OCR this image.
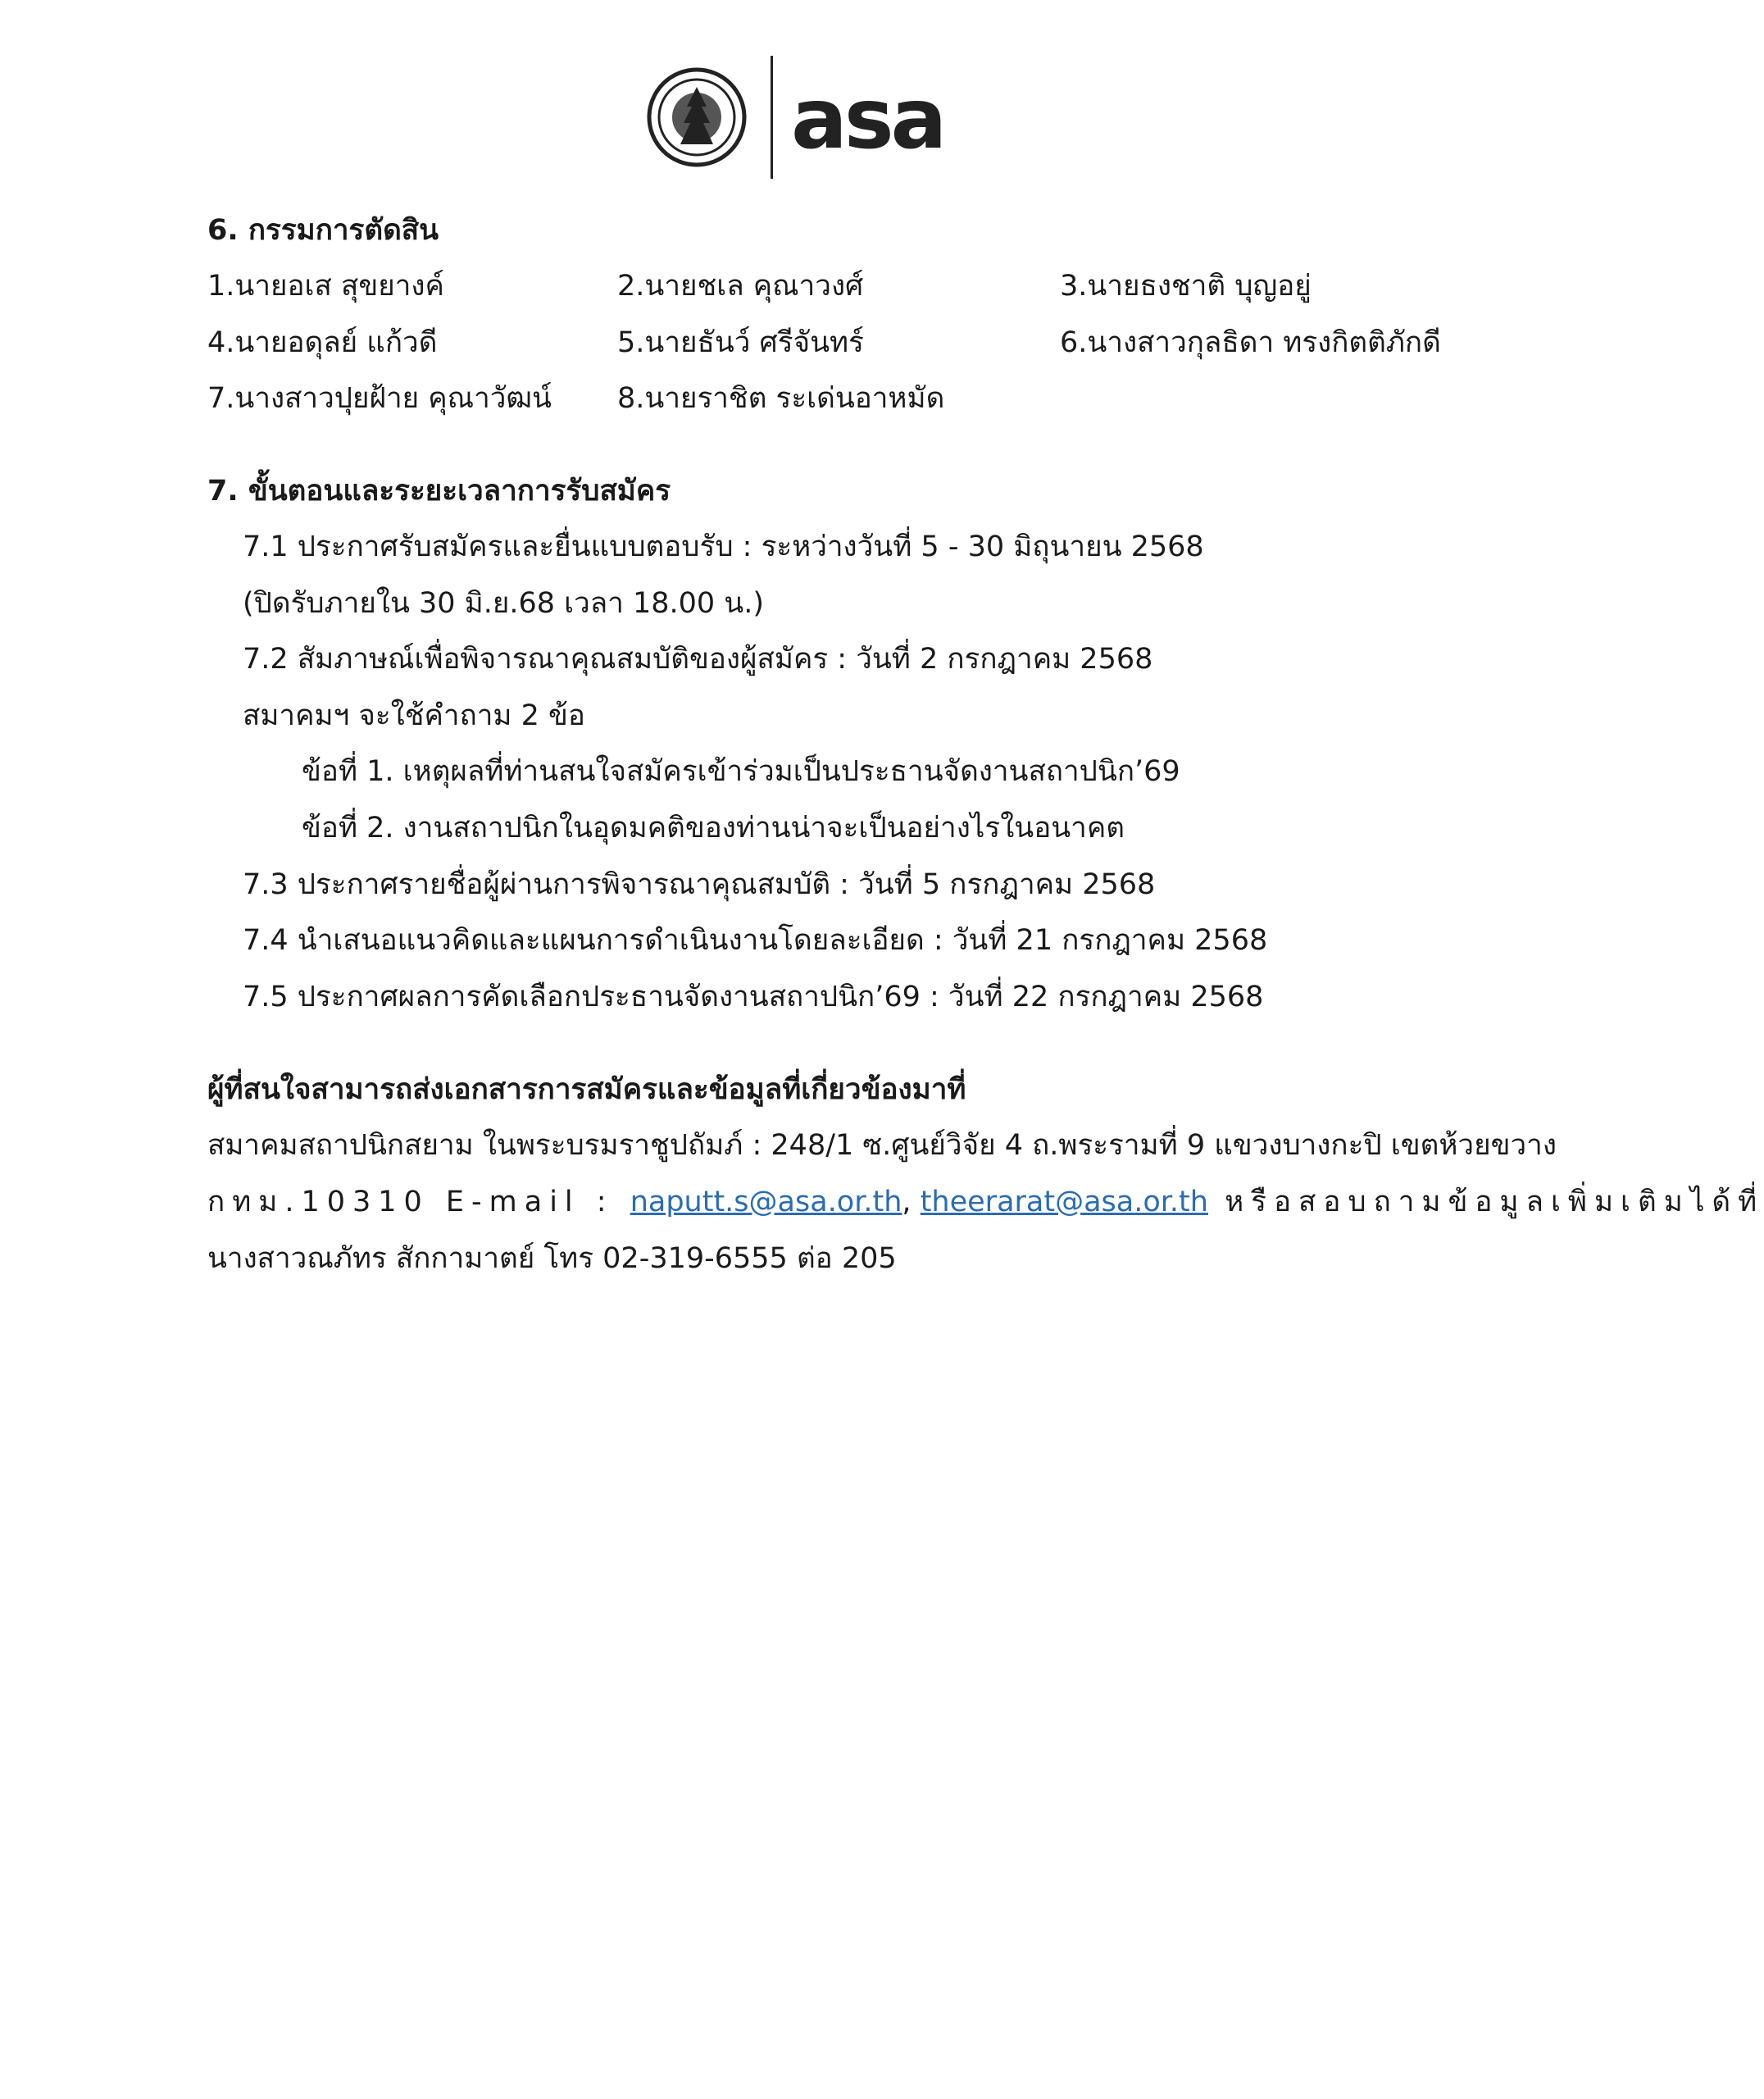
asa
6. กรรมการตัดสิน
1.นายอเส สุขยางค์	2.นายชเล คุณาวงศ์	3.นายธงชาติ บุญอยู่
4.นายอดุลย์ แก้วดี	5.นายธันว์ ศรีจันทร์	6.นางสาวกุลธิดา ทรงกิตติภักดี
7.นางสาวปุยฝ้าย คุณาวัฒน์ 8.นายราชิต ระเด่นอาหมัด
7. ขั้นตอนและระยะเวลาการรับสมัคร
7.1 ประกาศรับสมัครและยื่นแบบตอบรับ : ระหว่างวันที่ 5 - 30 มิถุนายน 2568
(ปิดรับภายใน 30 มิ.ย.68 เวลา 18.00 น.)
7.2 สัมภาษณ์เพื่อพิจารณาคุณสมบัติของผู้สมัคร : วันที่ 2 กรกฎาคม 2568
สมาคมฯ จะใช้คำถาม 2 ข้อ
ข้อที่ 1. เหตุผลที่ท่านสนใจสมัครเข้าร่วมเป็นประธานจัดงานสถาปนิก’69
ข้อที่ 2. งานสถาปนิกในอุดมคติของท่านน่าจะเป็นอย่างไรในอนาคต
7.3 ประกาศรายชื่อผู้ผ่านการพิจารณาคุณสมบัติ : วันที่ 5 กรกฎาคม 2568
7.4 นำเสนอแนวคิดและแผนการดำเนินงานโดยละเอียด : วันที่ 21 กรกฎาคม 2568
7.5 ประกาศผลการคัดเลือกประธานจัดงานสถาปนิก’69 : วันที่ 22 กรกฎาคม 2568
ผู้ที่สนใจสามารถส่งเอกสารการสมัครและข้อมูลที่เกี่ยวข้องมาที่
สมาคมสถาปนิกสยาม ในพระบรมราชูปถัมภ์ : 248/1 ซ.ศูนย์วิจัย 4 ถ.พระรามที่ 9 แขวงบางกะปิ เขตห้วยขวาง
กทม.10310 E-mail : naputt.s@asa.or.th, theerarat@asa.or.th หรือสอบถามข้อมูลเพิ่มเติมได้ที่
นางสาวณภัทร สักกามาตย์ โทร 02-319-6555 ต่อ 205
